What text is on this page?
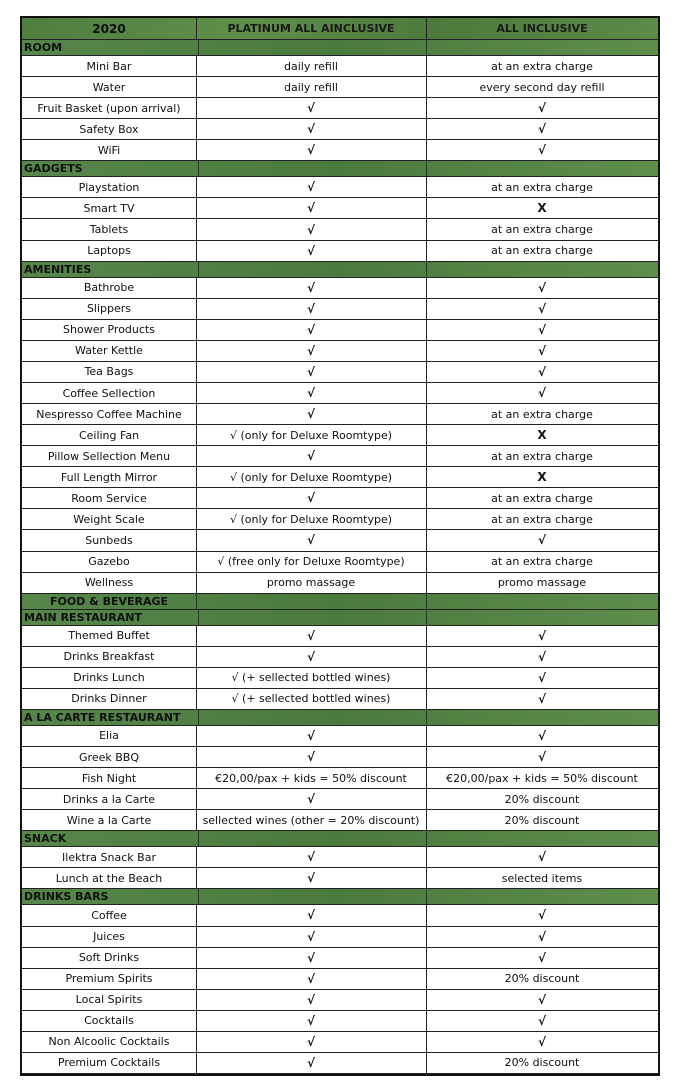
2020	PLATINUM ALL AINCLUSIVE	ALL INCLUSIVE
ROOM
Mini Bar	daily refill	at an extra charge
Water	daily refill	every second day refill
Fruit Basket (upon arrival)	√	√
Safety Box	√	√
WiFi	√	√
GADGETS
Playstation	√	at an extra charge
Smart TV	√	X
Tablets	√	at an extra charge
Laptops	√	at an extra charge
AMENITIES
Bathrobe	√	√
Slippers	√	√
Shower Products	√	√
Water Kettle	√	√
Tea Bags	√	√
Coffee Sellection	√	√
Nespresso Coffee Machine	√	at an extra charge
Ceiling Fan	√ (only for Deluxe Roomtype)	X
Pillow Sellection Menu	√	at an extra charge
Full Length Mirror	√ (only for Deluxe Roomtype)	X
Room Service	√	at an extra charge
Weight Scale	√ (only for Deluxe Roomtype)	at an extra charge
Sunbeds	√	√
Gazebo	√ (free only for Deluxe Roomtype)	at an extra charge
Wellness	promo massage	promo massage
FOOD & BEVERAGE
MAIN RESTAURANT
Themed Buffet	√	√
Drinks Breakfast	√	√
Drinks Lunch	√ (+ sellected bottled wines)	√
Drinks Dinner	√ (+ sellected bottled wines)	√
A LA CARTE RESTAURANT
Elia	√	√
Greek BBQ	√	√
Fish Night	€20,00/pax + kids = 50% discount	€20,00/pax + kids = 50% discount
Drinks a la Carte	√	20% discount
Wine a la Carte	sellected wines (other = 20% discount)	20% discount
SNACK
Ilektra Snack Bar	√	√
Lunch at the Beach	√	selected items
DRINKS BARS
Coffee	√	√
Juices	√	√
Soft Drinks	√	√
Premium Spirits	√	20% discount
Local Spirits	√	√
Cocktails	√	√
Non Alcoolic Cocktails	√	√
Premium Cocktails	√	20% discount
